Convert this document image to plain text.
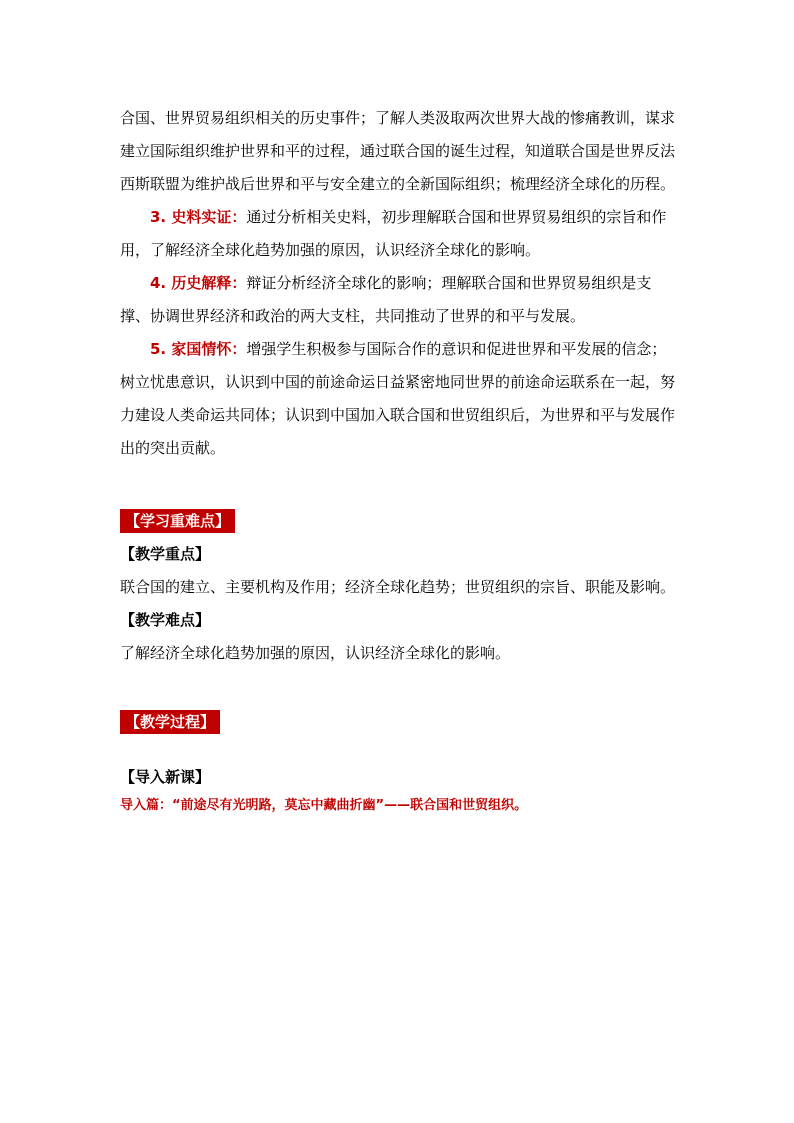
合国、世界贸易组织相关的历史事件；了解人类汲取两次世界大战的惨痛教训，谋求建立国际组织维护世界和平的过程，通过联合国的诞生过程，知道联合国是世界反法西斯联盟为维护战后世界和平与安全建立的全新国际组织；梳理经济全球化的历程。

3. 史料实证：通过分析相关史料，初步理解联合国和世界贸易组织的宗旨和作用，了解经济全球化趋势加强的原因，认识经济全球化的影响。

4. 历史解释：辩证分析经济全球化的影响；理解联合国和世界贸易组织是支撑、协调世界经济和政治的两大支柱，共同推动了世界的和平与发展。

5. 家国情怀：增强学生积极参与国际合作的意识和促进世界和平发展的信念；树立忧患意识，认识到中国的前途命运日益紧密地同世界的前途命运联系在一起，努力建设人类命运共同体；认识到中国加入联合国和世贸组织后，为世界和平与发展作出的突出贡献。

【学习重难点】

【教学重点】

联合国的建立、主要机构及作用；经济全球化趋势；世贸组织的宗旨、职能及影响。

【教学难点】

了解经济全球化趋势加强的原因，认识经济全球化的影响。

【教学过程】

【导入新课】

导入篇：“前途尽有光明路，莫忘中藏曲折幽”——联合国和世贸组织。
